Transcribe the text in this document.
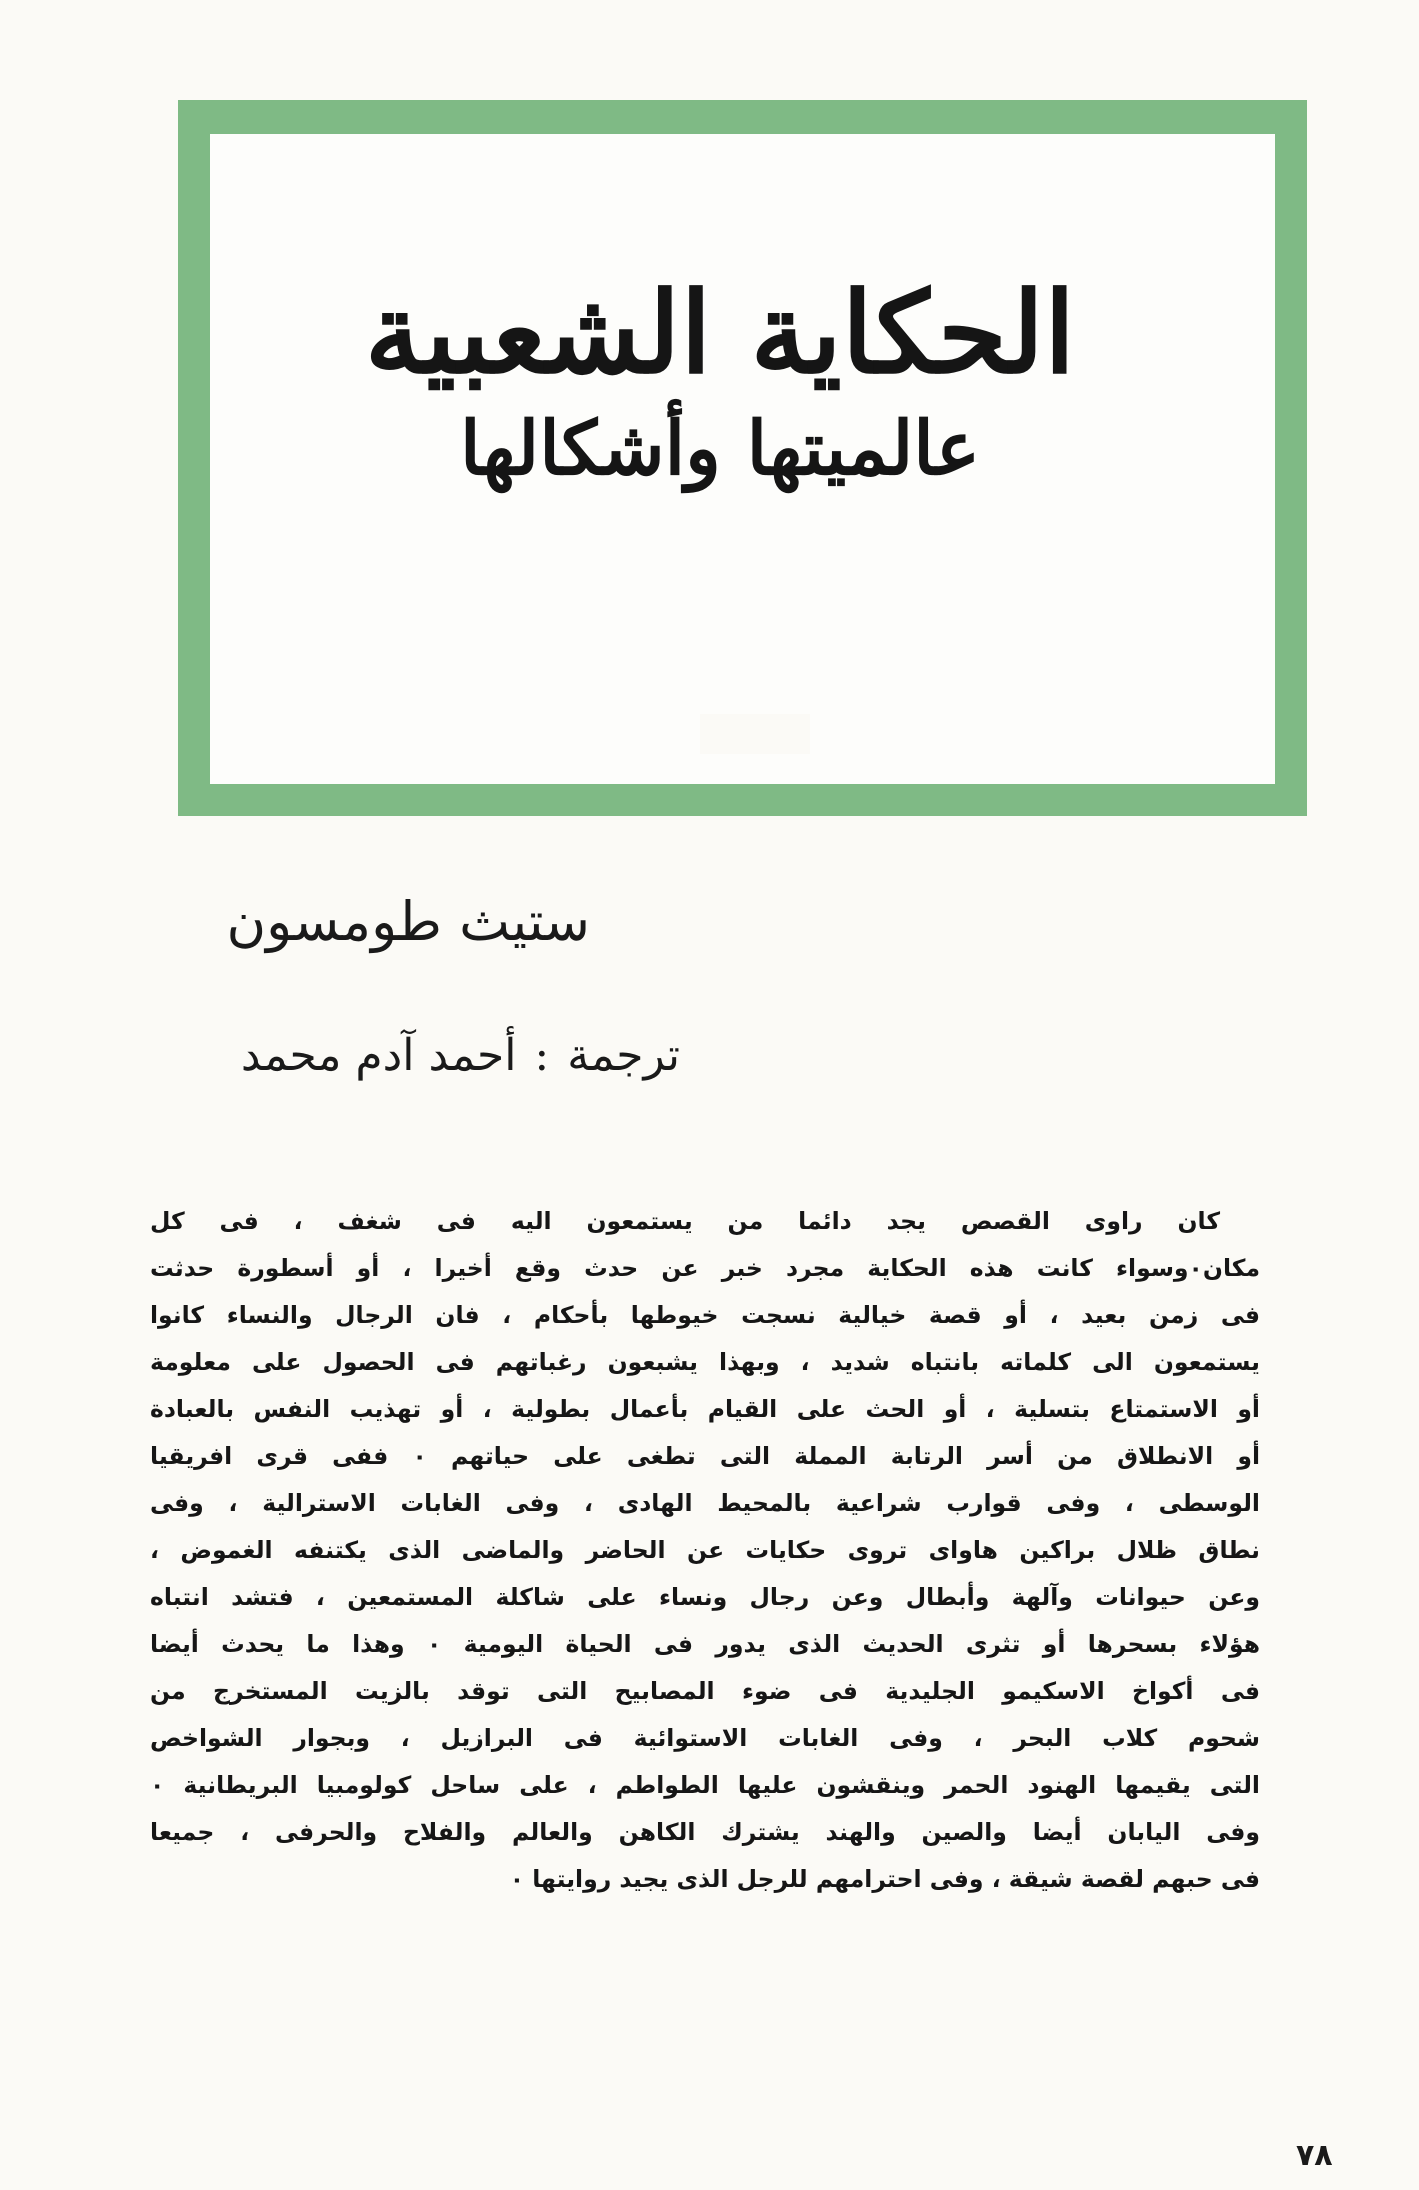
الحكاية الشعبية
عالميتها وأشكالها
ستيث طومسون
ترجمة:أحمد آدم محمد
كان راوى القصص يجد دائما من يستمعون اليه فى شغف ، فى كل
مكان٠وسواء كانت هذه الحكاية مجرد خبر عن حدث وقع أخيرا ، أو أسطورة حدثت
فى زمن بعيد ، أو قصة خيالية نسجت خيوطها بأحكام ، فان الرجال والنساء كانوا
يستمعون الى كلماته بانتباه شديد ، وبهذا يشبعون رغباتهم فى الحصول على معلومة
أو الاستمتاع بتسلية ، أو الحث على القيام بأعمال بطولية ، أو تهذيب النفس بالعبادة
أو الانطلاق من أسر الرتابة المملة التى تطغى على حياتهم ٠ ففى قرى افريقيا
الوسطى ، وفى قوارب شراعية بالمحيط الهادى ، وفى الغابات الاسترالية ، وفى
نطاق ظلال براكين هاواى تروى حكايات عن الحاضر والماضى الذى يكتنفه الغموض ،
وعن حيوانات وآلهة وأبطال وعن رجال ونساء على شاكلة المستمعين ، فتشد انتباه
هؤلاء بسحرها أو تثرى الحديث الذى يدور فى الحياة اليومية ٠ وهذا ما يحدث أيضا
فى أكواخ الاسكيمو الجليدية فى ضوء المصابيح التى توقد بالزيت المستخرج من
شحوم كلاب البحر ، وفى الغابات الاستوائية فى البرازيل ، وبجوار الشواخص
التى يقيمها الهنود الحمر وينقشون عليها الطواطم ، على ساحل كولومبيا البريطانية ٠
وفى اليابان أيضا والصين والهند يشترك الكاهن والعالم والفلاح والحرفى ، جميعا
فى حبهم لقصة شيقة ، وفى احترامهم للرجل الذى يجيد روايتها ٠
٧٨
